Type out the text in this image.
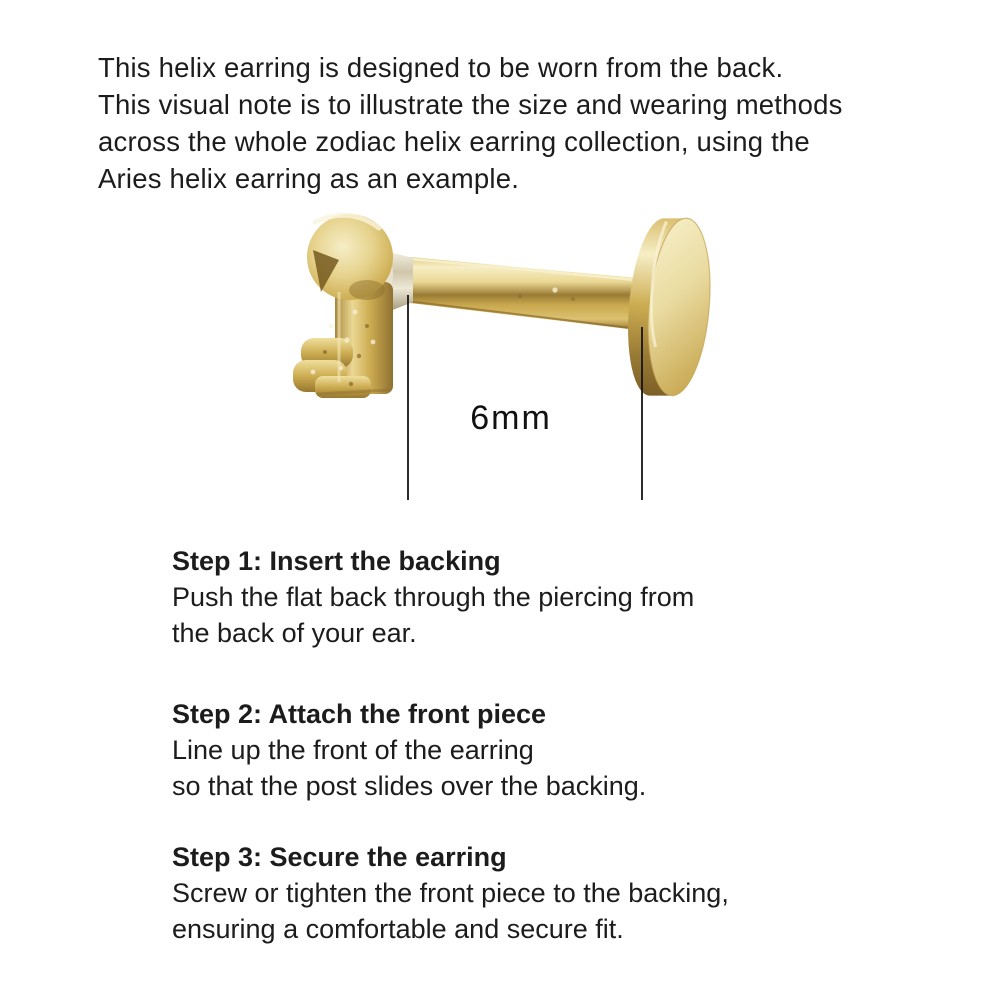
This helix earring is designed to be worn from the back.
This visual note is to illustrate the size and wearing methods
across the whole zodiac helix earring collection, using the
Aries helix earring as an example.
6mm
Step 1: Insert the backing
Push the flat back through the piercing from
the back of your ear.
Step 2: Attach the front piece
Line up the front of the earring
so that the post slides over the backing.
Step 3: Secure the earring
Screw or tighten the front piece to the backing,
ensuring a comfortable and secure fit.
